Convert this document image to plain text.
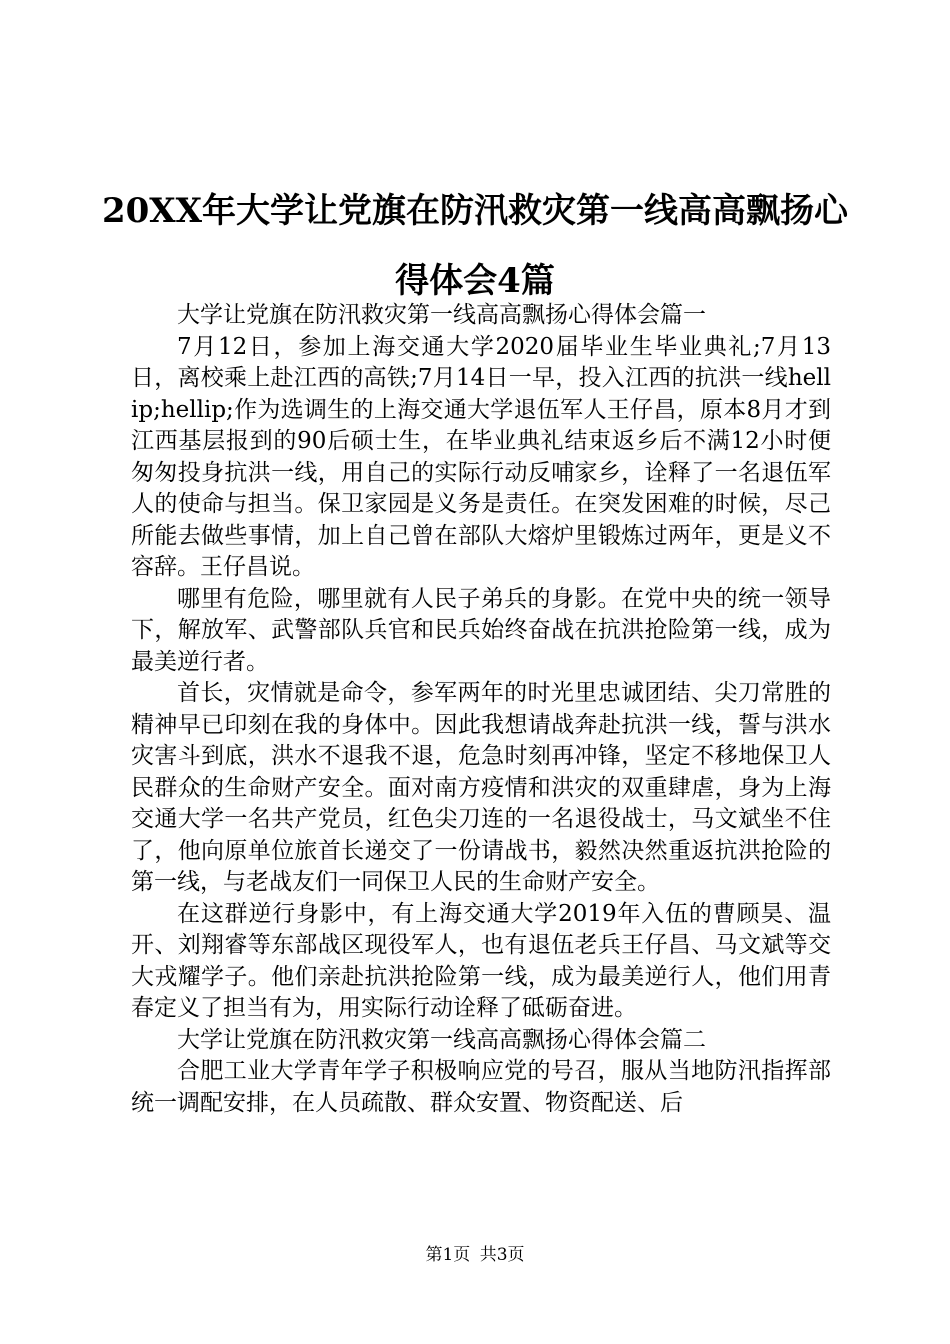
20XX年大学让党旗在防汛救灾第一线高高飘扬心得体会4篇

大学让党旗在防汛救灾第一线高高飘扬心得体会篇一

7月12日，参加上海交通大学2020届毕业生毕业典礼;7月13日，离校乘上赴江西的高铁;7月14日一早，投入江西的抗洪一线hellip;hellip;作为选调生的上海交通大学退伍军人王仔昌，原本8月才到江西基层报到的90后硕士生，在毕业典礼结束返乡后不满12小时便匆匆投身抗洪一线，用自己的实际行动反哺家乡，诠释了一名退伍军人的使命与担当。保卫家园是义务是责任。在突发困难的时候，尽己所能去做些事情，加上自己曾在部队大熔炉里锻炼过两年，更是义不容辞。王仔昌说。

哪里有危险，哪里就有人民子弟兵的身影。在党中央的统一领导下，解放军、武警部队兵官和民兵始终奋战在抗洪抢险第一线，成为最美逆行者。

首长，灾情就是命令，参军两年的时光里忠诚团结、尖刀常胜的精神早已印刻在我的身体中。因此我想请战奔赴抗洪一线，誓与洪水灾害斗到底，洪水不退我不退，危急时刻再冲锋，坚定不移地保卫人民群众的生命财产安全。面对南方疫情和洪灾的双重肆虐，身为上海交通大学一名共产党员，红色尖刀连的一名退役战士，马文斌坐不住了，他向原单位旅首长递交了一份请战书，毅然决然重返抗洪抢险的第一线，与老战友们一同保卫人民的生命财产安全。

在这群逆行身影中，有上海交通大学2019年入伍的曹顾昊、温开、刘翔睿等东部战区现役军人，也有退伍老兵王仔昌、马文斌等交大戎耀学子。他们亲赴抗洪抢险第一线，成为最美逆行人，他们用青春定义了担当有为，用实际行动诠释了砥砺奋进。

大学让党旗在防汛救灾第一线高高飘扬心得体会篇二

合肥工业大学青年学子积极响应党的号召，服从当地防汛指挥部统一调配安排，在人员疏散、群众安置、物资配送、后

第1页 共3页
